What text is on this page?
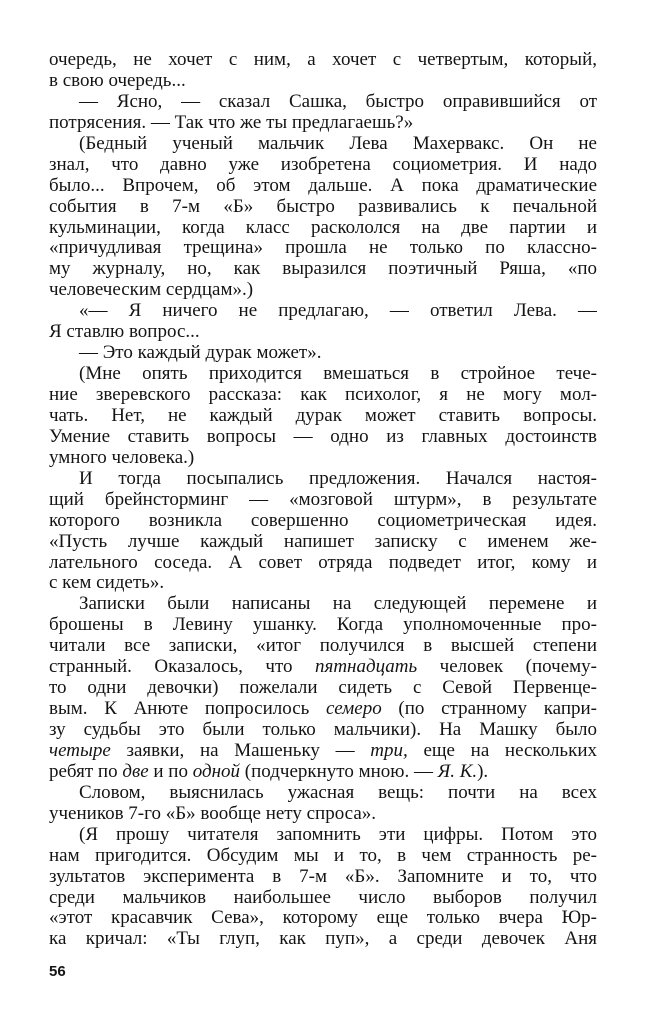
очередь, не хочет с ним, а хочет с четвертым, который,
в свою очередь...
— Ясно, — сказал Сашка, быстро оправившийся от
потрясения. — Так что же ты предлагаешь?»
(Бедный ученый мальчик Лева Махервакс. Он не
знал, что давно уже изобретена социометрия. И надо
было... Впрочем, об этом дальше. А пока драматические
события в 7-м «Б» быстро развивались к печальной
кульминации, когда класс раскололся на две партии и
«причудливая трещина» прошла не только по классно-
му журналу, но, как выразился поэтичный Ряша, «по
человеческим сердцам».)
«— Я ничего не предлагаю, — ответил Лева. —
Я ставлю вопрос...
— Это каждый дурак может».
(Мне опять приходится вмешаться в стройное тече-
ние зверевского рассказа: как психолог, я не могу мол-
чать. Нет, не каждый дурак может ставить вопросы.
Умение ставить вопросы — одно из главных достоинств
умного человека.)
И тогда посыпались предложения. Начался настоя-
щий брейнсторминг — «мозговой штурм», в результате
которого возникла совершенно социометрическая идея.
«Пусть лучше каждый напишет записку с именем же-
лательного соседа. А совет отряда подведет итог, кому и
с кем сидеть».
Записки были написаны на следующей перемене и
брошены в Левину ушанку. Когда уполномоченные про-
читали все записки, «итог получился в высшей степени
странный. Оказалось, что пятнадцать человек (почему-
то одни девочки) пожелали сидеть с Севой Первенце-
вым. К Анюте попросилось семеро (по странному капри-
зу судьбы это были только мальчики). На Машку было
четыре заявки, на Машеньку — три, еще на нескольких
ребят по две и по одной (подчеркнуто мною. — Я. К.).
Словом, выяснилась ужасная вещь: почти на всех
учеников 7-го «Б» вообще нету спроса».
(Я прошу читателя запомнить эти цифры. Потом это
нам пригодится. Обсудим мы и то, в чем странность ре-
зультатов эксперимента в 7-м «Б». Запомните и то, что
среди мальчиков наибольшее число выборов получил
«этот красавчик Сева», которому еще только вчера Юр-
ка кричал: «Ты глуп, как пуп», а среди девочек Аня
56
